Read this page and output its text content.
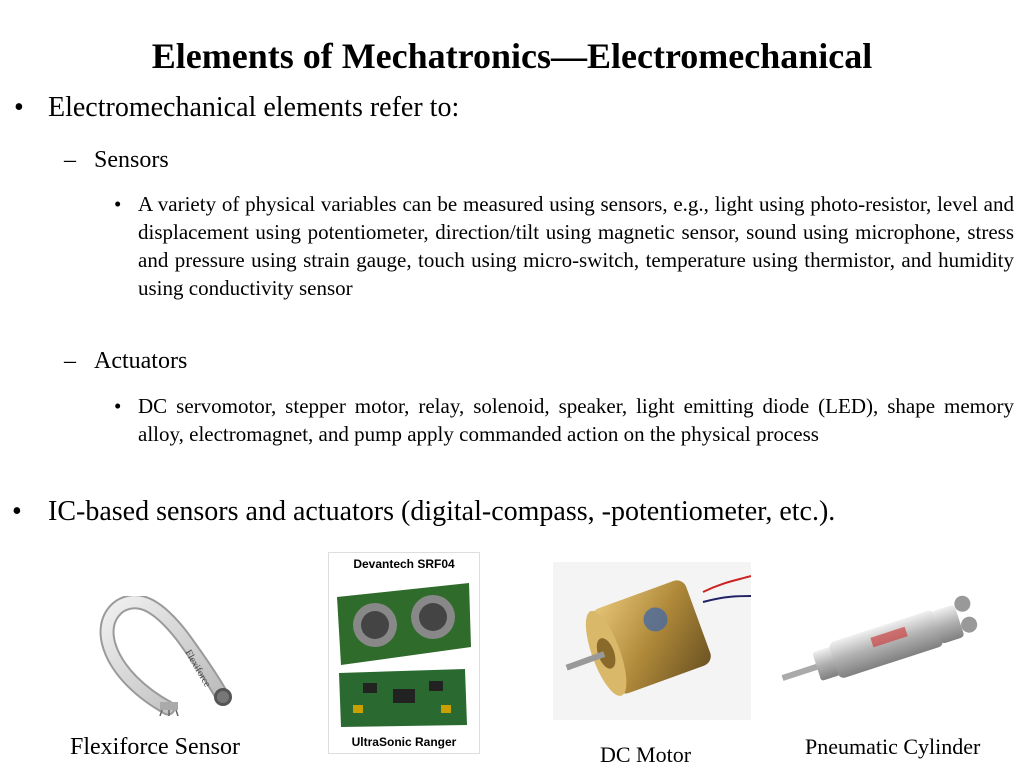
Elements of Mechatronics—Electromechanical
• Electromechanical elements refer to:
– Sensors
• A variety of physical variables can be measured using sensors, e.g., light using photo-resistor, level and displacement using potentiometer, direction/tilt using magnetic sensor, sound using microphone, stress and pressure using strain gauge, touch using micro-switch, temperature using thermistor, and humidity using conductivity sensor
– Actuators
• DC servomotor, stepper motor, relay, solenoid, speaker, light emitting diode (LED), shape memory alloy, electromagnet, and pump apply commanded action on the physical process
• IC-based sensors and actuators (digital-compass, -potentiometer, etc.).
Flexiforce
Flexiforce Sensor
Devantech SRF04
UltraSonic Ranger	DC Motor	Pneumatic Cylinder
